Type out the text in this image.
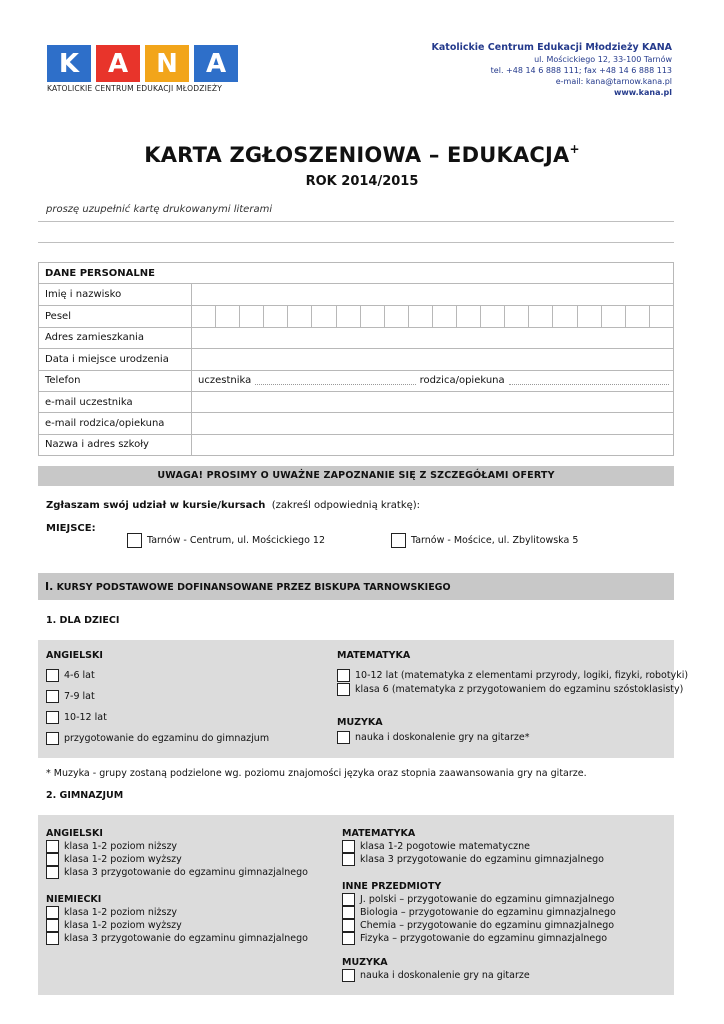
K	A	N	A
KATOLICKIE CENTRUM EDUKACJI MŁODZIEŻY
Katolickie Centrum Edukacji Młodzieży KANA
ul. Mościckiego 12, 33-100 Tarnów
tel. +48 14 6 888 111; fax +48 14 6 888 113
e-mail: kana@tarnow.kana.pl
www.kana.pl
KARTA ZGŁOSZENIOWA – EDUKACJA+
ROK 2014/2015
proszę uzupełnić kartę drukowanymi literami
DANE PERSONALNE	
Imię i nazwisko	
Pesel	

Adres zamieszkania	
Data i miejsce urodzenia	
Telefon	uczestnika rodzica/opiekuna

e-mail uczestnika	
e-mail rodzica/opiekuna	
Nazwa i adres szkoły	
UWAGA! PROSIMY O UWAŻNE ZAPOZNANIE SIĘ Z SZCZEGÓŁAMI OFERTY
Zgłaszam swój udział w kursie/kursach (zakreśl odpowiednią kratkę):
MIEJSCE:
Tarnów - Centrum, ul. Mościckiego 12	Tarnów - Mościce, ul. Zbylitowska 5
I. KURSY PODSTAWOWE DOFINANSOWANE PRZEZ BISKUPA TARNOWSKIEGO
1. DLA DZIECI
ANGIELSKI
4-6 lat
7-9 lat
10-12 lat
przygotowanie do egzaminu do gimnazjum
MATEMATYKA
10-12 lat (matematyka z elementami przyrody, logiki, fizyki, robotyki)
klasa 6 (matematyka z przygotowaniem do egzaminu szóstoklasisty)
MUZYKA
nauka i doskonalenie gry na gitarze*
* Muzyka - grupy zostaną podzielone wg. poziomu znajomości języka oraz stopnia zaawansowania gry na gitarze.
2. GIMNAZJUM
ANGIELSKI
klasa 1-2 poziom niższy
klasa 1-2 poziom wyższy
klasa 3 przygotowanie do egzaminu gimnazjalnego
NIEMIECKI
klasa 1-2 poziom niższy
klasa 1-2 poziom wyższy
klasa 3 przygotowanie do egzaminu gimnazjalnego
MATEMATYKA
klasa 1-2 pogotowie matematyczne
klasa 3 przygotowanie do egzaminu gimnazjalnego
INNE PRZEDMIOTY
J. polski – przygotowanie do egzaminu gimnazjalnego
Biologia – przygotowanie do egzaminu gimnazjalnego
Chemia – przygotowanie do egzaminu gimnazjalnego
Fizyka – przygotowanie do egzaminu gimnazjalnego
MUZYKA
nauka i doskonalenie gry na gitarze
